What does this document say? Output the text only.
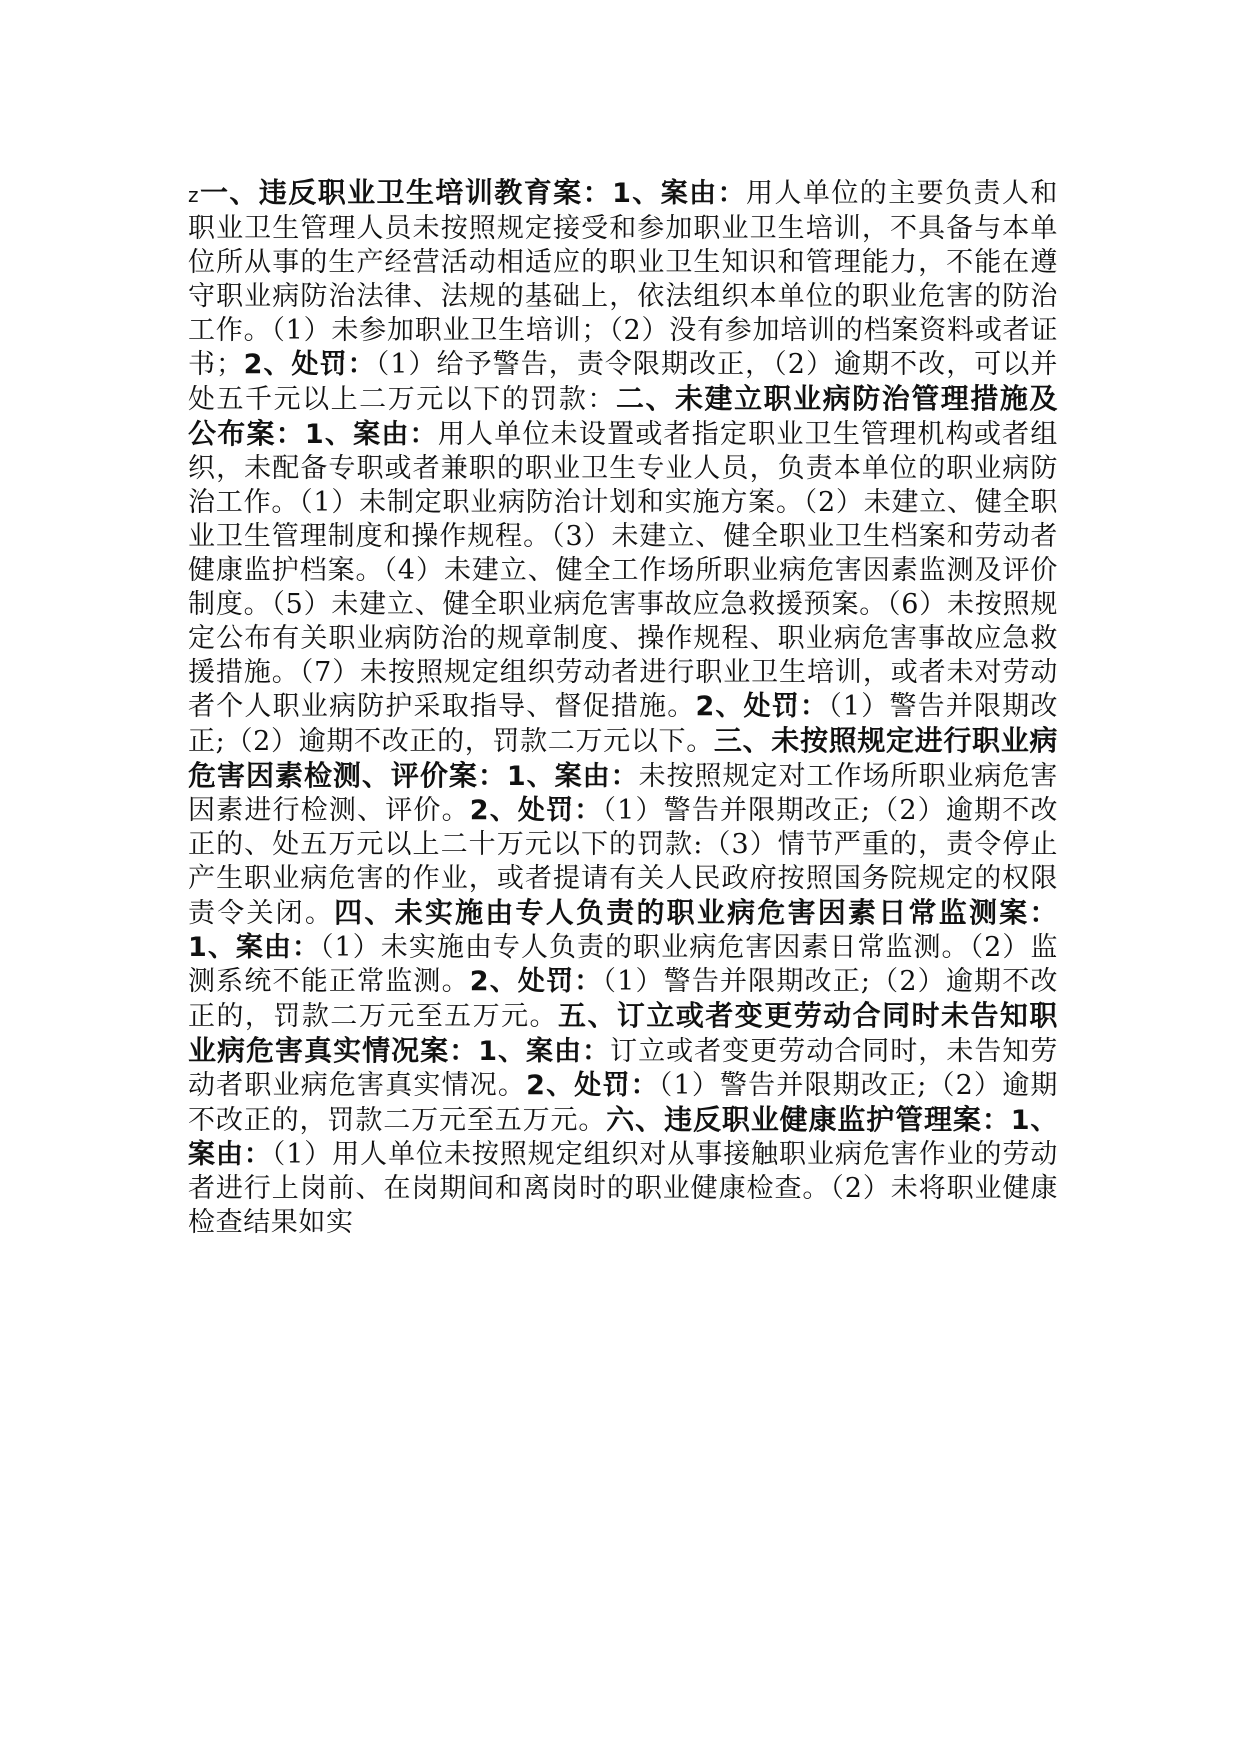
z一、违反职业卫生培训教育案：1、案由：用人单位的主要负责人和职业卫生管理人员未按照规定接受和参加职业卫生培训，不具备与本单位所从事的生产经营活动相适应的职业卫生知识和管理能力，不能在遵守职业病防治法律、法规的基础上，依法组织本单位的职业危害的防治工作。（1）未参加职业卫生培训；（2）没有参加培训的档案资料或者证书；2、处罚：（1）给予警告，责令限期改正，（2）逾期不改，可以并处五千元以上二万元以下的罚款：二、未建立职业病防治管理措施及公布案：1、案由：用人单位未设置或者指定职业卫生管理机构或者组织，未配备专职或者兼职的职业卫生专业人员，负责本单位的职业病防治工作。（1）未制定职业病防治计划和实施方案。（2）未建立、健全职业卫生管理制度和操作规程。（3）未建立、健全职业卫生档案和劳动者健康监护档案。（4）未建立、健全工作场所职业病危害因素监测及评价制度。（5）未建立、健全职业病危害事故应急救援预案。（6）未按照规定公布有关职业病防治的规章制度、操作规程、职业病危害事故应急救援措施。（7）未按照规定组织劳动者进行职业卫生培训，或者未对劳动者个人职业病防护采取指导、督促措施。2、处罚：（1）警告并限期改正;（2）逾期不改正的，罚款二万元以下。三、未按照规定进行职业病危害因素检测、评价案：1、案由：未按照规定对工作场所职业病危害因素进行检测、评价。2、处罚：（1）警告并限期改正;（2）逾期不改正的、处五万元以上二十万元以下的罚款:（3）情节严重的，责令停止产生职业病危害的作业，或者提请有关人民政府按照国务院规定的权限责令关闭。四、未实施由专人负责的职业病危害因素日常监测案：1、案由：（1）未实施由专人负责的职业病危害因素日常监测。（2）监测系统不能正常监测。2、处罚：（1）警告并限期改正;（2）逾期不改正的，罚款二万元至五万元。五、订立或者变更劳动合同时未告知职业病危害真实情况案：1、案由：订立或者变更劳动合同时，未告知劳动者职业病危害真实情况。2、处罚：（1）警告并限期改正;（2）逾期不改正的，罚款二万元至五万元。六、违反职业健康监护管理案：1、案由：（1）用人单位未按照规定组织对从事接触职业病危害作业的劳动者进行上岗前、在岗期间和离岗时的职业健康检查。（2）未将职业健康检查结果如实
